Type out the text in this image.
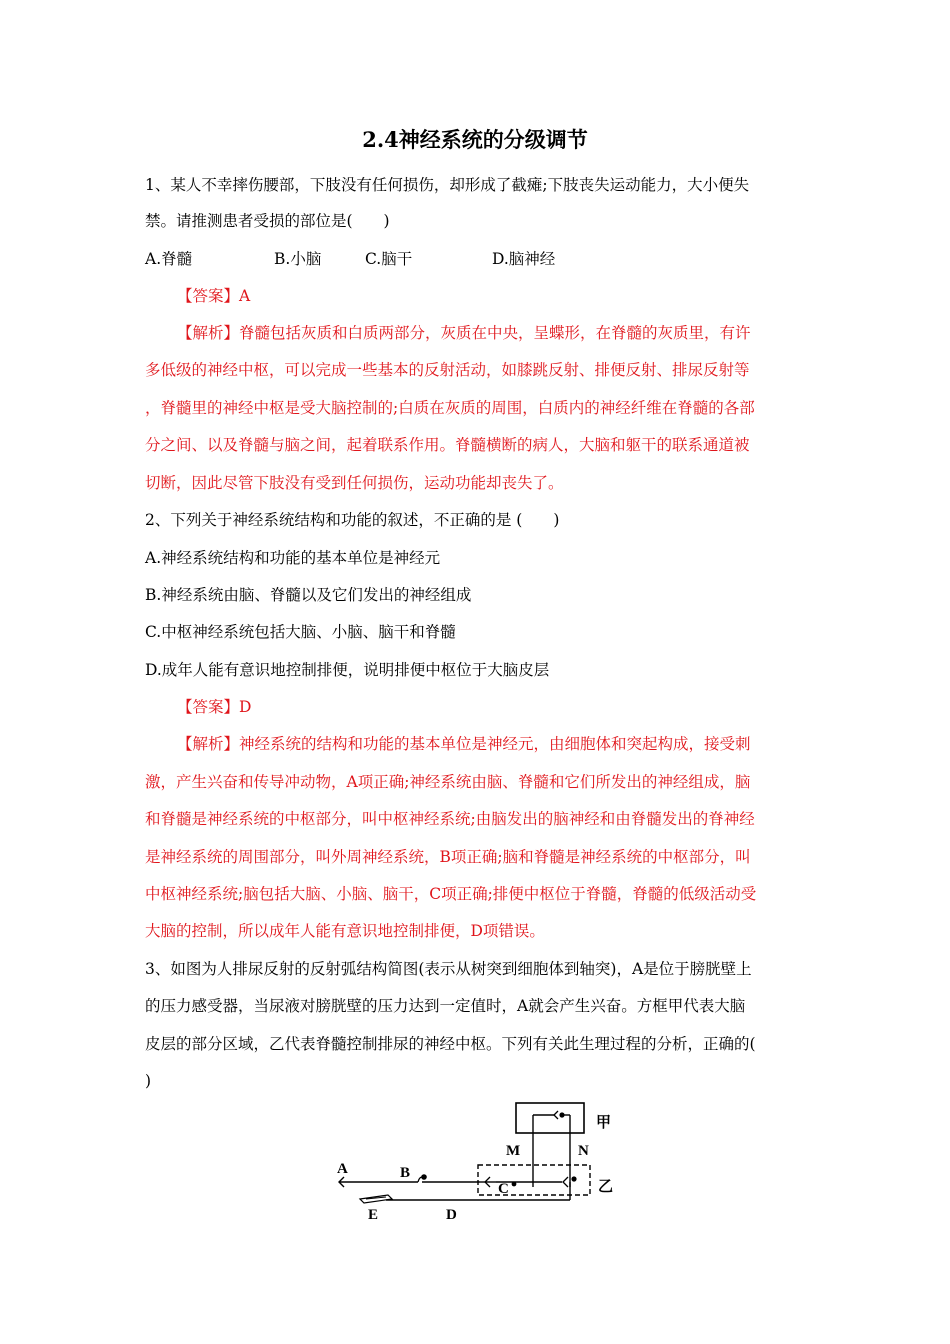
2.4神经系统的分级调节
1、某人不幸摔伤腰部，下肢没有任何损伤，却形成了截瘫;下肢丧失运动能力，大小便失
禁。请推测患者受损的部位是(　　)
A.脊髓	B.小脑	C.脑干	D.脑神经
【答案】A
【解析】脊髓包括灰质和白质两部分，灰质在中央，呈蝶形，在脊髓的灰质里，有许
多低级的神经中枢，可以完成一些基本的反射活动，如膝跳反射、排便反射、排尿反射等
，脊髓里的神经中枢是受大脑控制的;白质在灰质的周围，白质内的神经纤维在脊髓的各部
分之间、以及脊髓与脑之间，起着联系作用。脊髓横断的病人，大脑和躯干的联系通道被
切断，因此尽管下肢没有受到任何损伤，运动功能却丧失了。
2、下列关于神经系统结构和功能的叙述，不正确的是 (　　)
A.神经系统结构和功能的基本单位是神经元
B.神经系统由脑、脊髓以及它们发出的神经组成
C.中枢神经系统包括大脑、小脑、脑干和脊髓
D.成年人能有意识地控制排便，说明排便中枢位于大脑皮层
【答案】D
【解析】神经系统的结构和功能的基本单位是神经元，由细胞体和突起构成，接受刺
激，产生兴奋和传导冲动物，A项正确;神经系统由脑、脊髓和它们所发出的神经组成，脑
和脊髓是神经系统的中枢部分，叫中枢神经系统;由脑发出的脑神经和由脊髓发出的脊神经
是神经系统的周围部分，叫外周神经系统，B项正确;脑和脊髓是神经系统的中枢部分，叫
中枢神经系统;脑包括大脑、小脑、脑干，C项正确;排便中枢位于脊髓，脊髓的低级活动受
大脑的控制，所以成年人能有意识地控制排便，D项错误。
3、如图为人排尿反射的反射弧结构简图(表示从树突到细胞体到轴突)，A是位于膀胱壁上
的压力感受器，当尿液对膀胱壁的压力达到一定值时，A就会产生兴奋。方框甲代表大脑
皮层的部分区域，乙代表脊髓控制排尿的神经中枢。下列有关此生理过程的分析，正确的(
)
甲
乙
M	N
A	B
C
D
E
